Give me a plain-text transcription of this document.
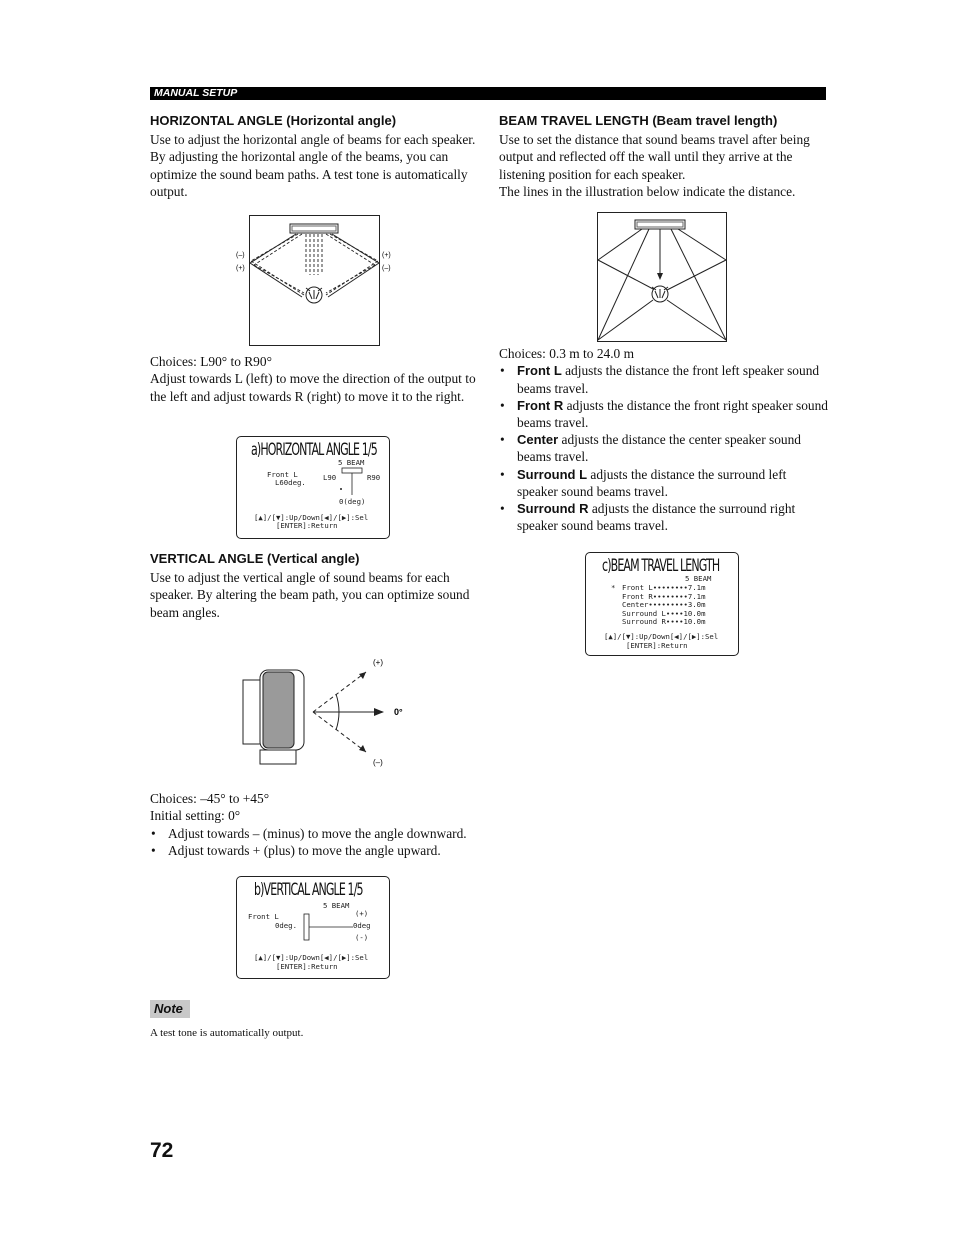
MANUAL SETUP

HORIZONTAL ANGLE (Horizontal angle)

Use to adjust the horizontal angle of beams for each speaker. By adjusting the horizontal angle of the beams, you can optimize the sound beam paths. A test tone is automatically output.

(–)
(+)
(+)
(–)

Choices: L90° to R90°

Adjust towards L (left) to move the direction of the output to the left and adjust towards R (right) to move it to the right.

a)HORIZONTAL ANGLE 1/5
5 BEAM
Front L
L60deg.
L90	R90
0(deg)
[▲]/[▼]:Up/Down[◀]/[▶]:Sel
[ENTER]:Return

VERTICAL ANGLE (Vertical angle)

Use to adjust the vertical angle of sound beams for each speaker. By altering the beam path, you can optimize sound beam angles.

(+)
0°
(–)

Choices: –45° to +45°

Initial setting: 0°

• Adjust towards – (minus) to move the angle downward.
• Adjust towards + (plus) to move the angle upward.
b)VERTICAL ANGLE 1/5
5 BEAM
Front L
0deg.
(+)
0deg
(-)
[▲]/[▼]:Up/Down[◀]/[▶]:Sel
[ENTER]:Return
Note
A test tone is automatically output.

BEAM TRAVEL LENGTH (Beam travel length)

Use to set the distance that sound beams travel after being output and reflected off the wall until they arrive at the listening position for each speaker.

The lines in the illustration below indicate the distance.

Choices: 0.3 m to 24.0 m

• Front L adjusts the distance the front left speaker sound beams travel.
• Front R adjusts the distance the front right speaker sound beams travel.
• Center adjusts the distance the center speaker sound beams travel.
• Surround L adjusts the distance the surround left speaker sound beams travel.
• Surround R adjusts the distance the surround right speaker sound beams travel.
c)BEAM TRAVEL LENGTH
5 BEAM
* Front L••••••••7.1m
Front R••••••••7.1m
Center•••••••••3.0m
Surround L••••10.0m
Surround R••••10.0m
[▲]/[▼]:Up/Down[◀]/[▶]:Sel
[ENTER]:Return
72
